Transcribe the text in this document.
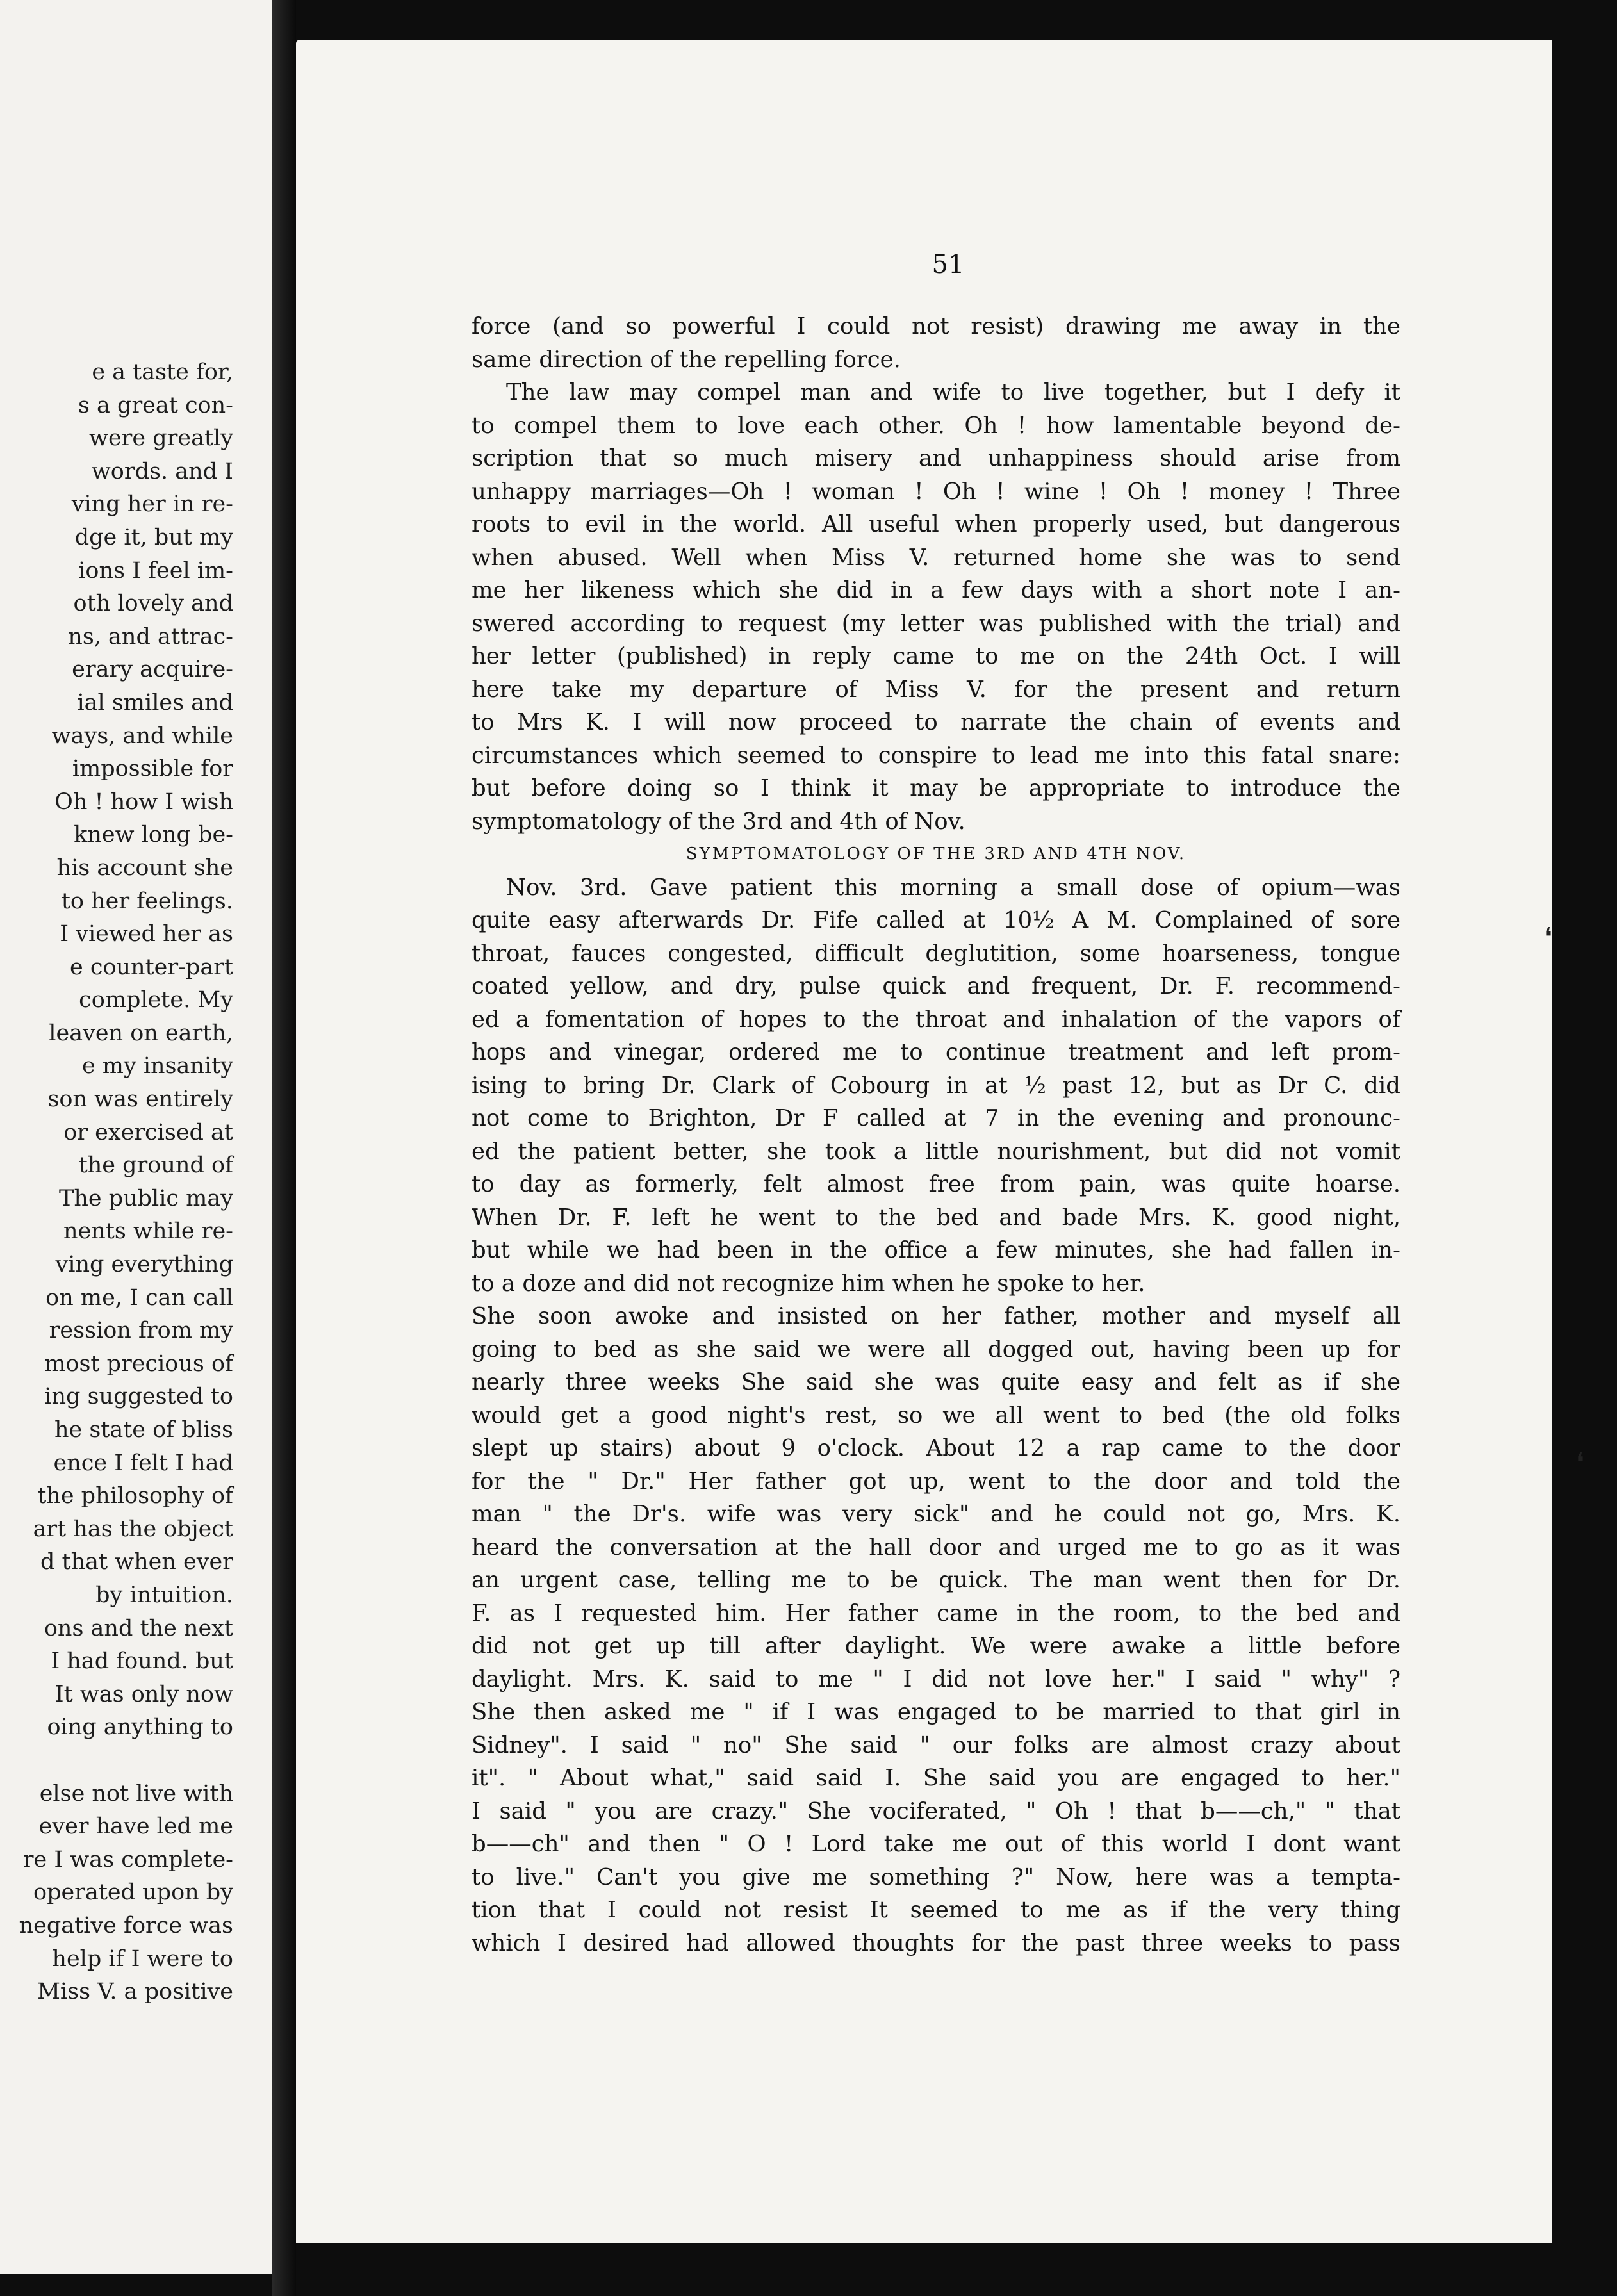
e a taste for,
s a great con-
were greatly
words. and I
ving her in re-
dge it, but my
ions I feel im-
oth lovely and
ns, and attrac-
erary acquire-
ial smiles and
ways, and while
impossible for
Oh ! how I wish
knew long be-
his account she
to her feelings.
I viewed her as
e counter-part
complete. My
leaven on earth,
e my insanity
son was entirely
or exercised at
the ground of
The public may
nents while re-
ving everything
on me, I can call
ression from my
most precious of
ing suggested to
he state of bliss
ence I felt I had
the philosophy of
art has the object
d that when ever
by intuition.
ons and the next
I had found. but
It was only now
oing anything to

else not live with
ever have led me
re I was complete-
operated upon by
negative force was
help if I were to
Miss V. a positive
51
force (and so powerful I could not resist) drawing me away in the
same direction of the repelling force.
The law may compel man and wife to live together, but I defy it
to compel them to love each other. Oh ! how lamentable beyond de-
scription that so much misery and unhappiness should arise from
unhappy marriages—Oh ! woman ! Oh ! wine ! Oh ! money ! Three
roots to evil in the world. All useful when properly used, but dangerous
when abused. Well when Miss V. returned home she was to send
me her likeness which she did in a few days with a short note I an-
swered according to request (my letter was published with the trial) and
her letter (published) in reply came to me on the 24th Oct. I will
here take my departure of Miss V. for the present and return
to Mrs K. I will now proceed to narrate the chain of events and
circumstances which seemed to conspire to lead me into this fatal snare:
but before doing so I think it may be appropriate to introduce the
symptomatology of the 3rd and 4th of Nov.
SYMPTOMATOLOGY OF THE 3RD AND 4TH NOV.
Nov. 3rd. Gave patient this morning a small dose of opium—was
quite easy afterwards Dr. Fife called at 10½ A M. Complained of sore
throat, fauces congested, difficult deglutition, some hoarseness, tongue
coated yellow, and dry, pulse quick and frequent, Dr. F. recommend-
ed a fomentation of hopes to the throat and inhalation of the vapors of
hops and vinegar, ordered me to continue treatment and left prom-
ising to bring Dr. Clark of Cobourg in at ½ past 12, but as Dr C. did
not come to Brighton, Dr F called at 7 in the evening and pronounc-
ed the patient better, she took a little nourishment, but did not vomit
to day as formerly, felt almost free from pain, was quite hoarse.
When Dr. F. left he went to the bed and bade Mrs. K. good night,
but while we had been in the office a few minutes, she had fallen in-
to a doze and did not recognize him when he spoke to her.
She soon awoke and insisted on her father, mother and myself all
going to bed as she said we were all dogged out, having been up for
nearly three weeks She said she was quite easy and felt as if she
would get a good night's rest, so we all went to bed (the old folks
slept up stairs) about 9 o'clock. About 12 a rap came to the door
for the " Dr." Her father got up, went to the door and told the
man " the Dr's. wife was very sick" and he could not go, Mrs. K.
heard the conversation at the hall door and urged me to go as it was
an urgent case, telling me to be quick. The man went then for Dr.
F. as I requested him. Her father came in the room, to the bed and
did not get up till after daylight. We were awake a little before
daylight. Mrs. K. said to me " I did not love her." I said " why" ?
She then asked me " if I was engaged to be married to that girl in
Sidney". I said " no" She said " our folks are almost crazy about
it". " About what," said said I. She said you are engaged to her."
I said " you are crazy." She vociferated, " Oh ! that b——ch," " that
b——ch" and then " O ! Lord take me out of this world I dont want
to live." Can't you give me something ?" Now, here was a tempta-
tion that I could not resist It seemed to me as if the very thing
which I desired had allowed thoughts for the past three weeks to pass
❛
❛
